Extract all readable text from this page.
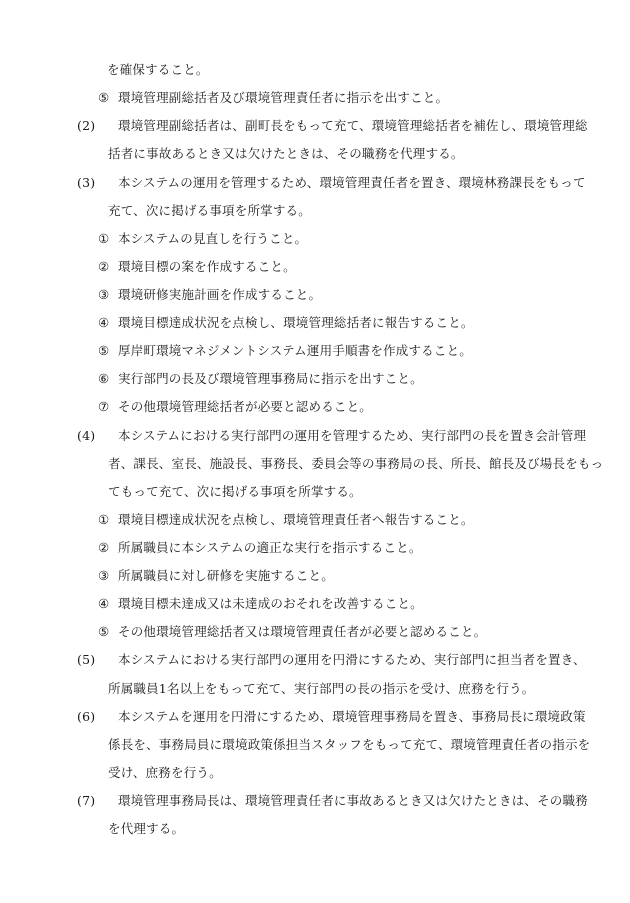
を確保すること。
⑤ 環境管理副総括者及び環境管理責任者に指示を出すこと。
(2) 環境管理副総括者は、副町長をもって充て、環境管理総括者を補佐し、環境管理総
括者に事故あるとき又は欠けたときは、その職務を代理する。
(3) 本システムの運用を管理するため、環境管理責任者を置き、環境林務課長をもって
充て、次に掲げる事項を所掌する。
① 本システムの見直しを行うこと。
② 環境目標の案を作成すること。
③ 環境研修実施計画を作成すること。
④ 環境目標達成状況を点検し、環境管理総括者に報告すること。
⑤ 厚岸町環境マネジメントシステム運用手順書を作成すること。
⑥ 実行部門の長及び環境管理事務局に指示を出すこと。
⑦ その他環境管理総括者が必要と認めること。
(4) 本システムにおける実行部門の運用を管理するため、実行部門の長を置き会計管理
者、課長、室長、施設長、事務長、委員会等の事務局の長、所長、館長及び場長をもっ
てもって充て、次に掲げる事項を所掌する。
① 環境目標達成状況を点検し、環境管理責任者へ報告すること。
② 所属職員に本システムの適正な実行を指示すること。
③ 所属職員に対し研修を実施すること。
④ 環境目標未達成又は未達成のおそれを改善すること。
⑤ その他環境管理総括者又は環境管理責任者が必要と認めること。
(5) 本システムにおける実行部門の運用を円滑にするため、実行部門に担当者を置き、
所属職員1名以上をもって充て、実行部門の長の指示を受け、庶務を行う。
(6) 本システムを運用を円滑にするため、環境管理事務局を置き、事務局長に環境政策
係長を、事務局員に環境政策係担当スタッフをもって充て、環境管理責任者の指示を
受け、庶務を行う。
(7) 環境管理事務局長は、環境管理責任者に事故あるとき又は欠けたときは、その職務
を代理する。
